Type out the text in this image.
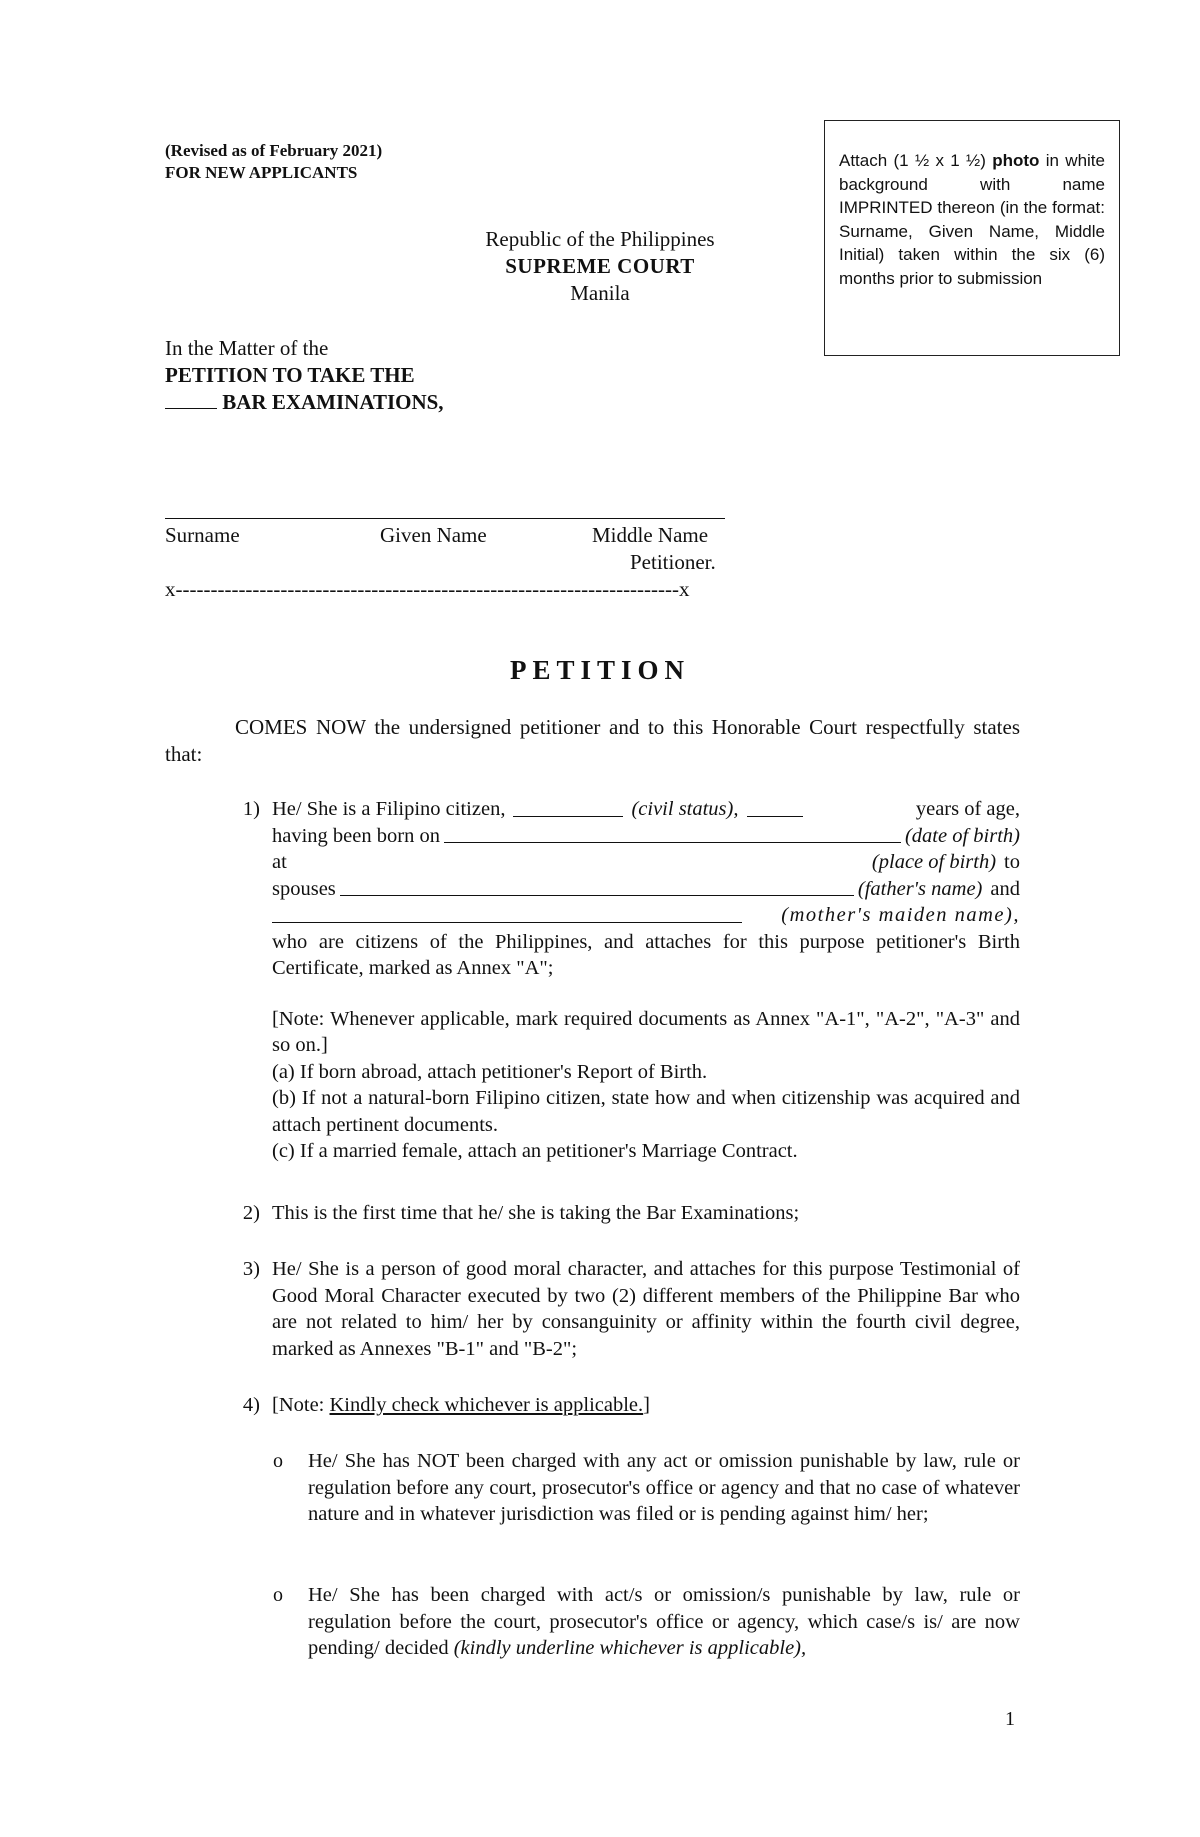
(Revised as of February 2021)
FOR NEW APPLICANTS
Attach (1 ½ x 1 ½) photo in white background with name IMPRINTED thereon (in the format: Surname, Given Name, Middle Initial) taken within the six (6) months prior to submission
Republic of the Philippines
SUPREME COURT
Manila
In the Matter of the
PETITION TO TAKE THE
BAR EXAMINATIONS,
Surname	Given Name	Middle Name
Petitioner.
x------------------------------------------------------------------------x
PETITION
COMES NOW the undersigned petitioner and to this Honorable Court respectfully states that:
1) He/ She is a Filipino citizen,	(civil status),	years of age,
having been born on	(date of birth)
at	(place of birth) to
spouses	(father's name) and
(mother's maiden name),
who are citizens of the Philippines, and attaches for this purpose petitioner's Birth Certificate, marked as Annex "A";
[Note: Whenever applicable, mark required documents as Annex "A-1", "A-2", "A-3" and so on.]
(a) If born abroad, attach petitioner's Report of Birth.
(b) If not a natural-born Filipino citizen, state how and when citizenship was acquired and attach pertinent documents.
(c) If a married female, attach an petitioner's Marriage Contract.
2) This is the first time that he/ she is taking the Bar Examinations;
3) He/ She is a person of good moral character, and attaches for this purpose Testimonial of Good Moral Character executed by two (2) different members of the Philippine Bar who are not related to him/ her by consanguinity or affinity within the fourth civil degree, marked as Annexes "B-1" and "B-2";
4) [Note: Kindly check whichever is applicable.]
o He/ She has NOT been charged with any act or omission punishable by law, rule or regulation before any court, prosecutor's office or agency and that no case of whatever nature and in whatever jurisdiction was filed or is pending against him/ her;
o He/ She has been charged with act/s or omission/s punishable by law, rule or regulation before the court, prosecutor's office or agency, which case/s is/ are now pending/ decided (kindly underline whichever is applicable),
1
